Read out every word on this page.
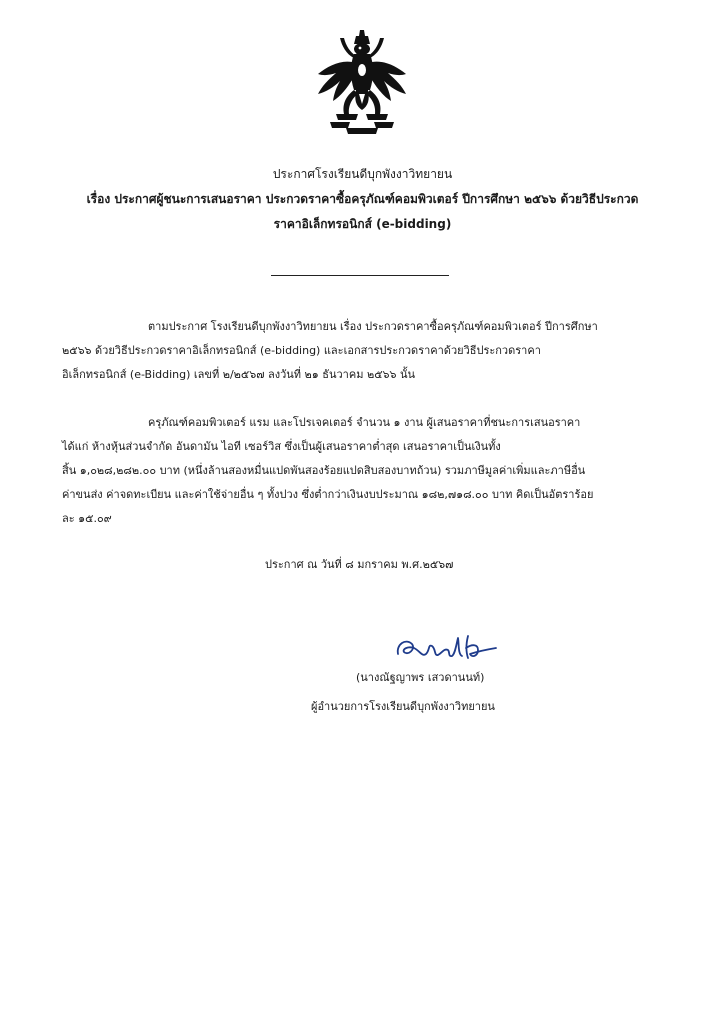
ประกาศโรงเรียนดีบุกพังงาวิทยายน
เรื่อง ประกาศผู้ชนะการเสนอราคา ประกวดราคาซื้อครุภัณฑ์คอมพิวเตอร์ ปีการศึกษา ๒๕๖๖ ด้วยวิธีประกวด
ราคาอิเล็กทรอนิกส์ (e-bidding)
ตามประกาศ โรงเรียนดีบุกพังงาวิทยายน เรื่อง ประกวดราคาซื้อครุภัณฑ์คอมพิวเตอร์ ปีการศึกษา
๒๕๖๖ ด้วยวิธีประกวดราคาอิเล็กทรอนิกส์ (e-bidding) และเอกสารประกวดราคาด้วยวิธีประกวดราคา
อิเล็กทรอนิกส์ (e-Bidding) เลขที่ ๒/๒๕๖๗ ลงวันที่ ๒๑ ธันวาคม ๒๕๖๖ นั้น
ครุภัณฑ์คอมพิวเตอร์ แรม และโปรเจคเตอร์ จำนวน ๑ งาน ผู้เสนอราคาที่ชนะการเสนอราคา
ได้แก่ ห้างหุ้นส่วนจำกัด อันดามัน ไอที เซอร์วิส ซึ่งเป็นผู้เสนอราคาต่ำสุด เสนอราคาเป็นเงินทั้ง
สิ้น ๑,๐๒๘,๒๘๒.๐๐ บาท (หนึ่งล้านสองหมื่นแปดพันสองร้อยแปดสิบสองบาทถ้วน) รวมภาษีมูลค่าเพิ่มและภาษีอื่น
ค่าขนส่ง ค่าจดทะเบียน และค่าใช้จ่ายอื่น ๆ ทั้งปวง ซึ่งต่ำกว่าเงินงบประมาณ ๑๘๒,๗๑๘.๐๐ บาท คิดเป็นอัตราร้อย
ละ ๑๕.๐๙
ประกาศ ณ วันที่ ๘ มกราคม พ.ศ.๒๕๖๗
(นางณัฐญาพร เสวดานนท์)
ผู้อำนวยการโรงเรียนดีบุกพังงาวิทยายน
